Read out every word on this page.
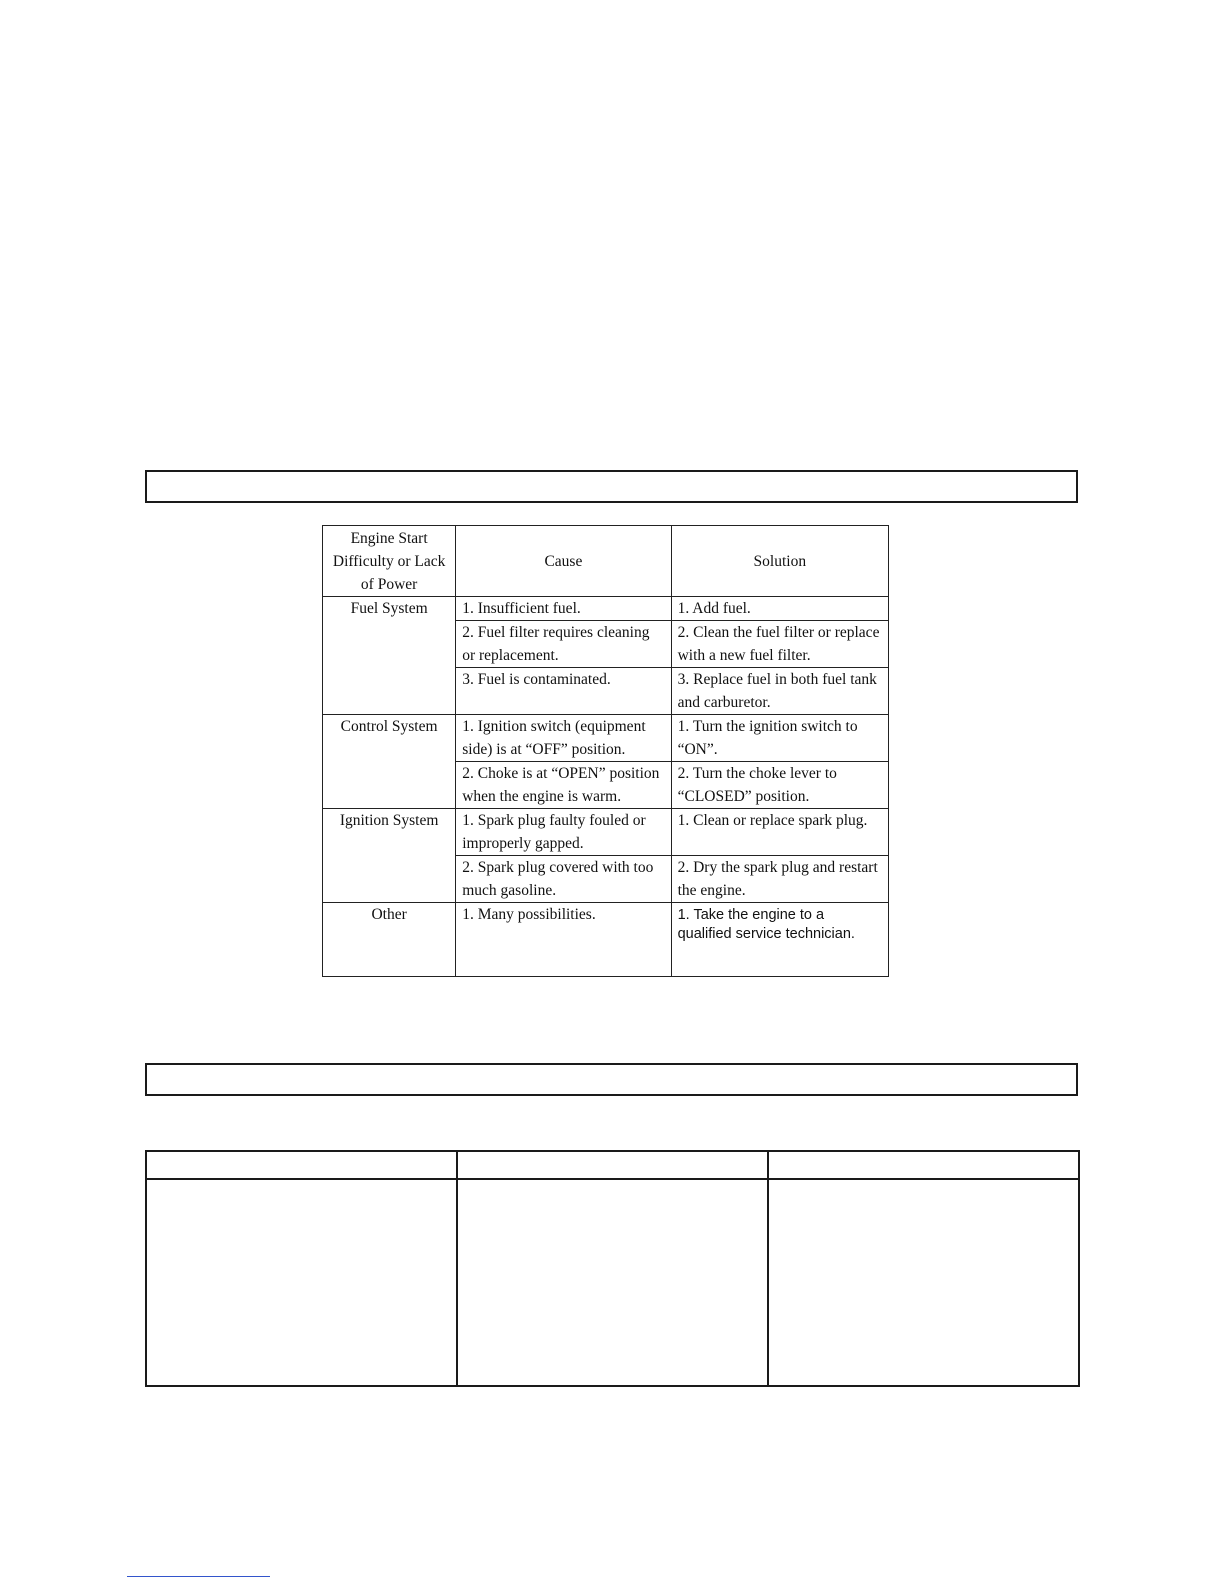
Engine Start Difficulty or Lack of Power	Cause	Solution
Fuel System	1. Insufficient fuel.	1. Add fuel.
	2. Fuel filter requires cleaning or replacement.	2. Clean the fuel filter or replace with a new fuel filter.
	3. Fuel is contaminated.	3. Replace fuel in both fuel tank and carburetor.
Control System	1. Ignition switch (equipment side) is at “OFF” position.	1. Turn the ignition switch to “ON”.
	2. Choke is at “OPEN” position when the engine is warm.	2. Turn the choke lever to “CLOSED” position.
Ignition System	1. Spark plug faulty fouled or improperly gapped.	1. Clean or replace spark plug.
	2. Spark plug covered with too much gasoline.	2. Dry the spark plug and restart the engine.
Other	1. Many possibilities.	1. Take the engine to a qualified service technician.
